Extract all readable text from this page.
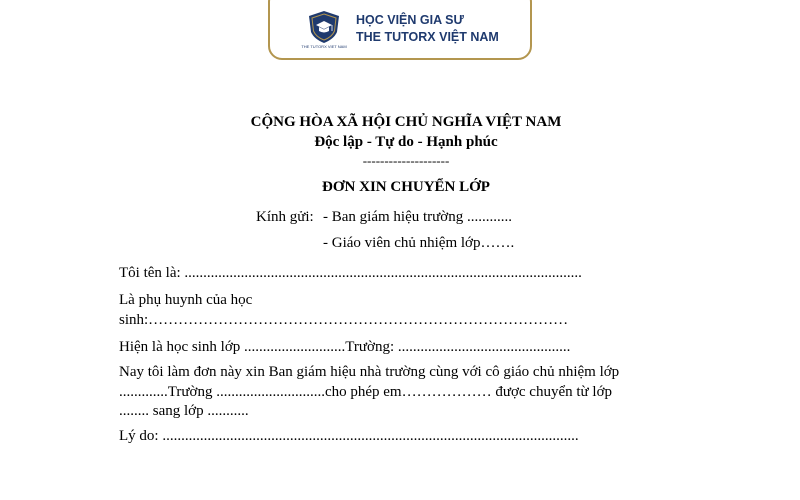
THE TUTORX VIET NAM
HỌC VIỆN GIA SƯ
THE TUTORX VIỆT NAM
CỘNG HÒA XÃ HỘI CHỦ NGHĨA VIỆT NAM
Độc lập - Tự do - Hạnh phúc
--------------------
ĐƠN XIN CHUYỂN LỚP
Kính gửi: - Ban giám hiệu trường ............
- Giáo viên chủ nhiệm lớp…….
Tôi tên là: ..........................................................................................................
Là phụ huynh của học
sinh:…………………………………………………………………………
Hiện là học sinh lớp ...........................Trường: ..............................................
Nay tôi làm đơn này xin Ban giám hiệu nhà trường cùng với cô giáo chủ nhiệm lớp
.............Trường .............................cho phép em……………… được chuyển từ lớp
........ sang lớp ...........
Lý do: ...............................................................................................................
